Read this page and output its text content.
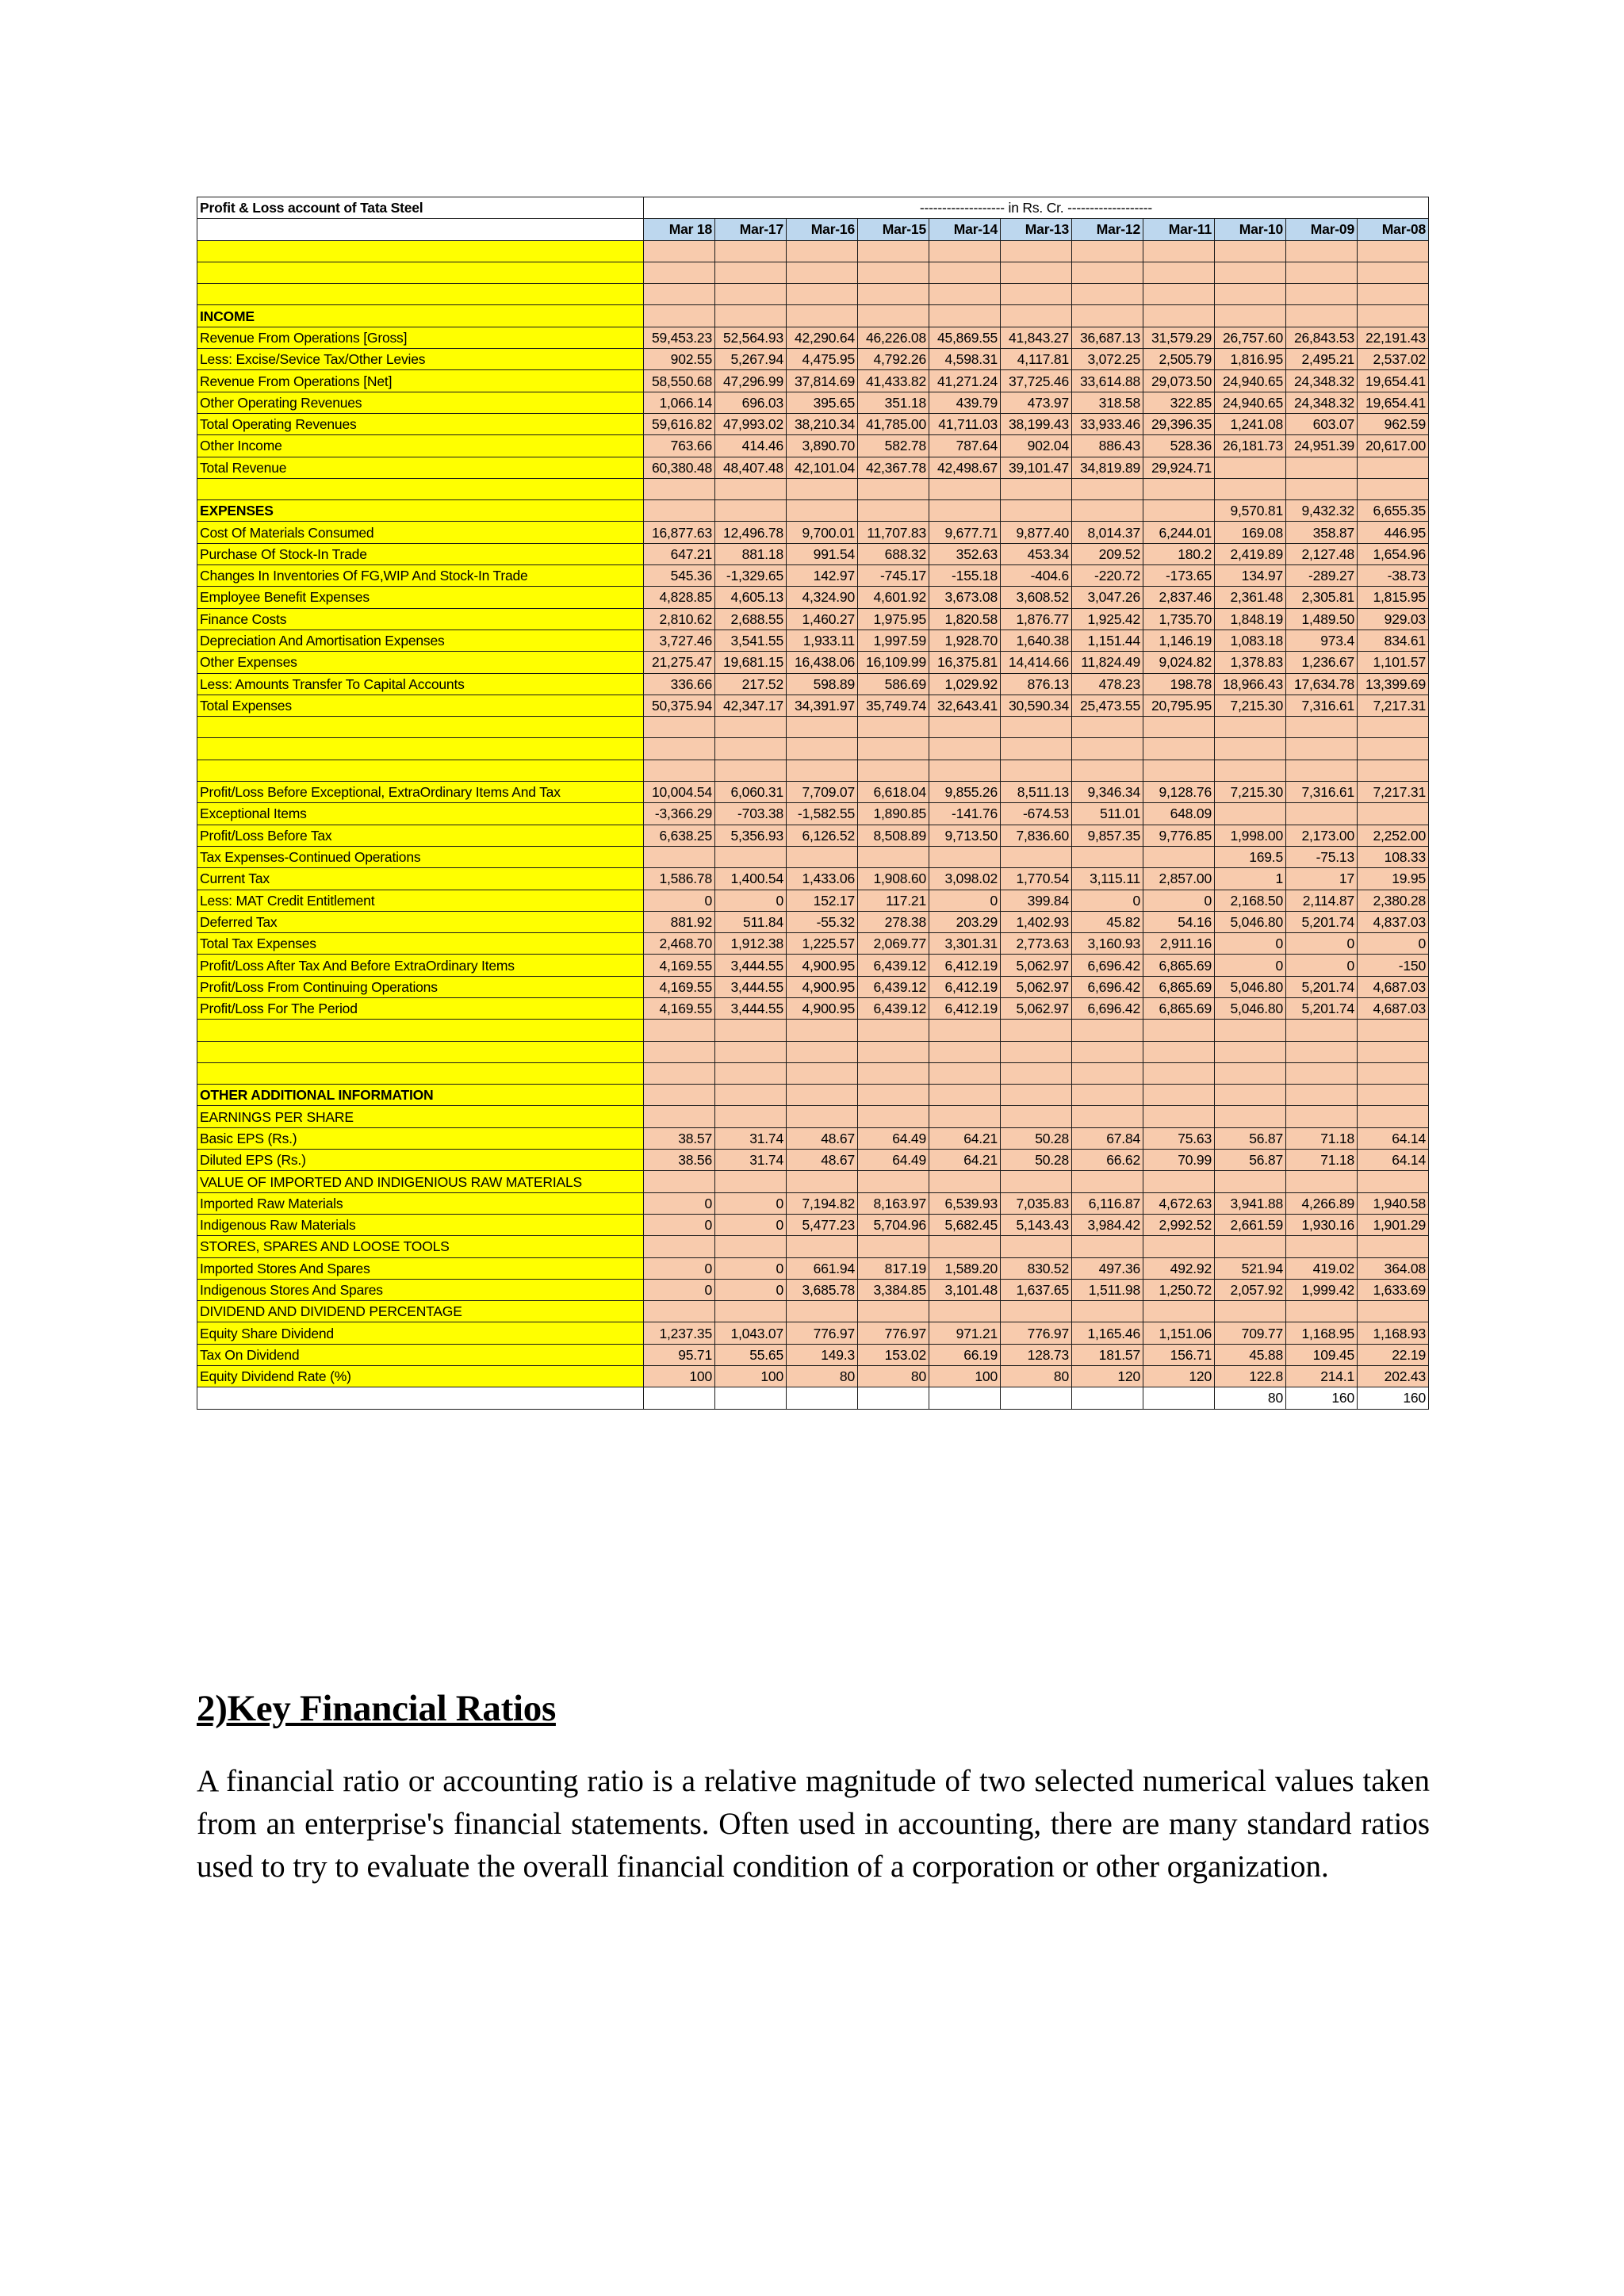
Profit & Loss account of Tata Steel	------------------- in Rs. Cr. -------------------										
	Mar 18	Mar-17	Mar-16	Mar-15	Mar-14	Mar-13	Mar-12	Mar-11	Mar-10	Mar-09	Mar-08

INCOME											
Revenue From Operations [Gross]	59,453.23	52,564.93	42,290.64	46,226.08	45,869.55	41,843.27	36,687.13	31,579.29	26,757.60	26,843.53	22,191.43
Less: Excise/Sevice Tax/Other Levies	902.55	5,267.94	4,475.95	4,792.26	4,598.31	4,117.81	3,072.25	2,505.79	1,816.95	2,495.21	2,537.02
Revenue From Operations [Net]	58,550.68	47,296.99	37,814.69	41,433.82	41,271.24	37,725.46	33,614.88	29,073.50	24,940.65	24,348.32	19,654.41
Other Operating Revenues	1,066.14	696.03	395.65	351.18	439.79	473.97	318.58	322.85	24,940.65	24,348.32	19,654.41
Total Operating Revenues	59,616.82	47,993.02	38,210.34	41,785.00	41,711.03	38,199.43	33,933.46	29,396.35	1,241.08	603.07	962.59
Other Income	763.66	414.46	3,890.70	582.78	787.64	902.04	886.43	528.36	26,181.73	24,951.39	20,617.00
Total Revenue	60,380.48	48,407.48	42,101.04	42,367.78	42,498.67	39,101.47	34,819.89	29,924.71			

EXPENSES									9,570.81	9,432.32	6,655.35
Cost Of Materials Consumed	16,877.63	12,496.78	9,700.01	11,707.83	9,677.71	9,877.40	8,014.37	6,244.01	169.08	358.87	446.95
Purchase Of Stock-In Trade	647.21	881.18	991.54	688.32	352.63	453.34	209.52	180.2	2,419.89	2,127.48	1,654.96
Changes In Inventories Of FG,WIP And Stock-In Trade	545.36	-1,329.65	142.97	-745.17	-155.18	-404.6	-220.72	-173.65	134.97	-289.27	-38.73
Employee Benefit Expenses	4,828.85	4,605.13	4,324.90	4,601.92	3,673.08	3,608.52	3,047.26	2,837.46	2,361.48	2,305.81	1,815.95
Finance Costs	2,810.62	2,688.55	1,460.27	1,975.95	1,820.58	1,876.77	1,925.42	1,735.70	1,848.19	1,489.50	929.03
Depreciation And Amortisation Expenses	3,727.46	3,541.55	1,933.11	1,997.59	1,928.70	1,640.38	1,151.44	1,146.19	1,083.18	973.4	834.61
Other Expenses	21,275.47	19,681.15	16,438.06	16,109.99	16,375.81	14,414.66	11,824.49	9,024.82	1,378.83	1,236.67	1,101.57
Less: Amounts Transfer To Capital Accounts	336.66	217.52	598.89	586.69	1,029.92	876.13	478.23	198.78	18,966.43	17,634.78	13,399.69
Total Expenses	50,375.94	42,347.17	34,391.97	35,749.74	32,643.41	30,590.34	25,473.55	20,795.95	7,215.30	7,316.61	7,217.31

Profit/Loss Before Exceptional, ExtraOrdinary Items And Tax	10,004.54	6,060.31	7,709.07	6,618.04	9,855.26	8,511.13	9,346.34	9,128.76	7,215.30	7,316.61	7,217.31
Exceptional Items	-3,366.29	-703.38	-1,582.55	1,890.85	-141.76	-674.53	511.01	648.09			
Profit/Loss Before Tax	6,638.25	5,356.93	6,126.52	8,508.89	9,713.50	7,836.60	9,857.35	9,776.85	1,998.00	2,173.00	2,252.00
Tax Expenses-Continued Operations									169.5	-75.13	108.33
Current Tax	1,586.78	1,400.54	1,433.06	1,908.60	3,098.02	1,770.54	3,115.11	2,857.00	1	17	19.95
Less: MAT Credit Entitlement	0	0	152.17	117.21	0	399.84	0	0	2,168.50	2,114.87	2,380.28
Deferred Tax	881.92	511.84	-55.32	278.38	203.29	1,402.93	45.82	54.16	5,046.80	5,201.74	4,837.03
Total Tax Expenses	2,468.70	1,912.38	1,225.57	2,069.77	3,301.31	2,773.63	3,160.93	2,911.16	0	0	0
Profit/Loss After Tax And Before ExtraOrdinary Items	4,169.55	3,444.55	4,900.95	6,439.12	6,412.19	5,062.97	6,696.42	6,865.69	0	0	-150
Profit/Loss From Continuing Operations	4,169.55	3,444.55	4,900.95	6,439.12	6,412.19	5,062.97	6,696.42	6,865.69	5,046.80	5,201.74	4,687.03
Profit/Loss For The Period	4,169.55	3,444.55	4,900.95	6,439.12	6,412.19	5,062.97	6,696.42	6,865.69	5,046.80	5,201.74	4,687.03

OTHER ADDITIONAL INFORMATION											
EARNINGS PER SHARE											
Basic EPS (Rs.)	38.57	31.74	48.67	64.49	64.21	50.28	67.84	75.63	56.87	71.18	64.14
Diluted EPS (Rs.)	38.56	31.74	48.67	64.49	64.21	50.28	66.62	70.99	56.87	71.18	64.14
VALUE OF IMPORTED AND INDIGENIOUS RAW MATERIALS											
Imported Raw Materials	0	0	7,194.82	8,163.97	6,539.93	7,035.83	6,116.87	4,672.63	3,941.88	4,266.89	1,940.58
Indigenous Raw Materials	0	0	5,477.23	5,704.96	5,682.45	5,143.43	3,984.42	2,992.52	2,661.59	1,930.16	1,901.29
STORES, SPARES AND LOOSE TOOLS											
Imported Stores And Spares	0	0	661.94	817.19	1,589.20	830.52	497.36	492.92	521.94	419.02	364.08
Indigenous Stores And Spares	0	0	3,685.78	3,384.85	3,101.48	1,637.65	1,511.98	1,250.72	2,057.92	1,999.42	1,633.69
DIVIDEND AND DIVIDEND PERCENTAGE											
Equity Share Dividend	1,237.35	1,043.07	776.97	776.97	971.21	776.97	1,165.46	1,151.06	709.77	1,168.95	1,168.93
Tax On Dividend	95.71	55.65	149.3	153.02	66.19	128.73	181.57	156.71	45.88	109.45	22.19
Equity Dividend Rate (%)	100	100	80	80	100	80	120	120	122.8	214.1	202.43
									80	160	160
2)Key Financial Ratios

A financial ratio or accounting ratio is a relative magnitude of two selected numerical values taken from an enterprise's financial statements. Often used in accounting, there are many standard ratios used to try to evaluate the overall financial condition of a corporation or other organization.
